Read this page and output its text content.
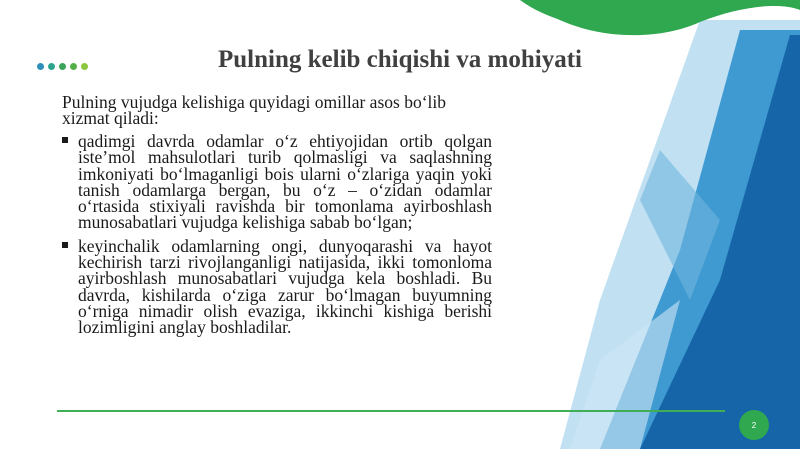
Pulning kelib chiqishi va mohiyati

Pulning vujudga kelishiga quyidagi omillar asos bo‘lib xizmat qiladi:

qadimgi davrda odamlar o‘z ehtiyojidan ortib qolgan iste’mol mahsulotlari turib qolmasligi va saqlashning imkoniyati bo‘lmaganligi bois ularni o‘zlariga yaqin yoki tanish odamlarga bergan, bu o‘z – o‘zidan odamlar o‘rtasida stixiyali ravishda bir tomonlama ayirboshlash munosabatlari vujudga kelishiga sabab bo‘lgan;
keyinchalik odamlarning ongi, dunyoqarashi va hayot kechirish tarzi rivojlanganligi natijasida, ikki tomonloma ayirboshlash munosabatlari vujudga kela boshladi. Bu davrda, kishilarda o‘ziga zarur bo‘lmagan buyumning o‘rniga nimadir olish evaziga, ikkinchi kishiga berishi lozimligini anglay boshladilar.
2
